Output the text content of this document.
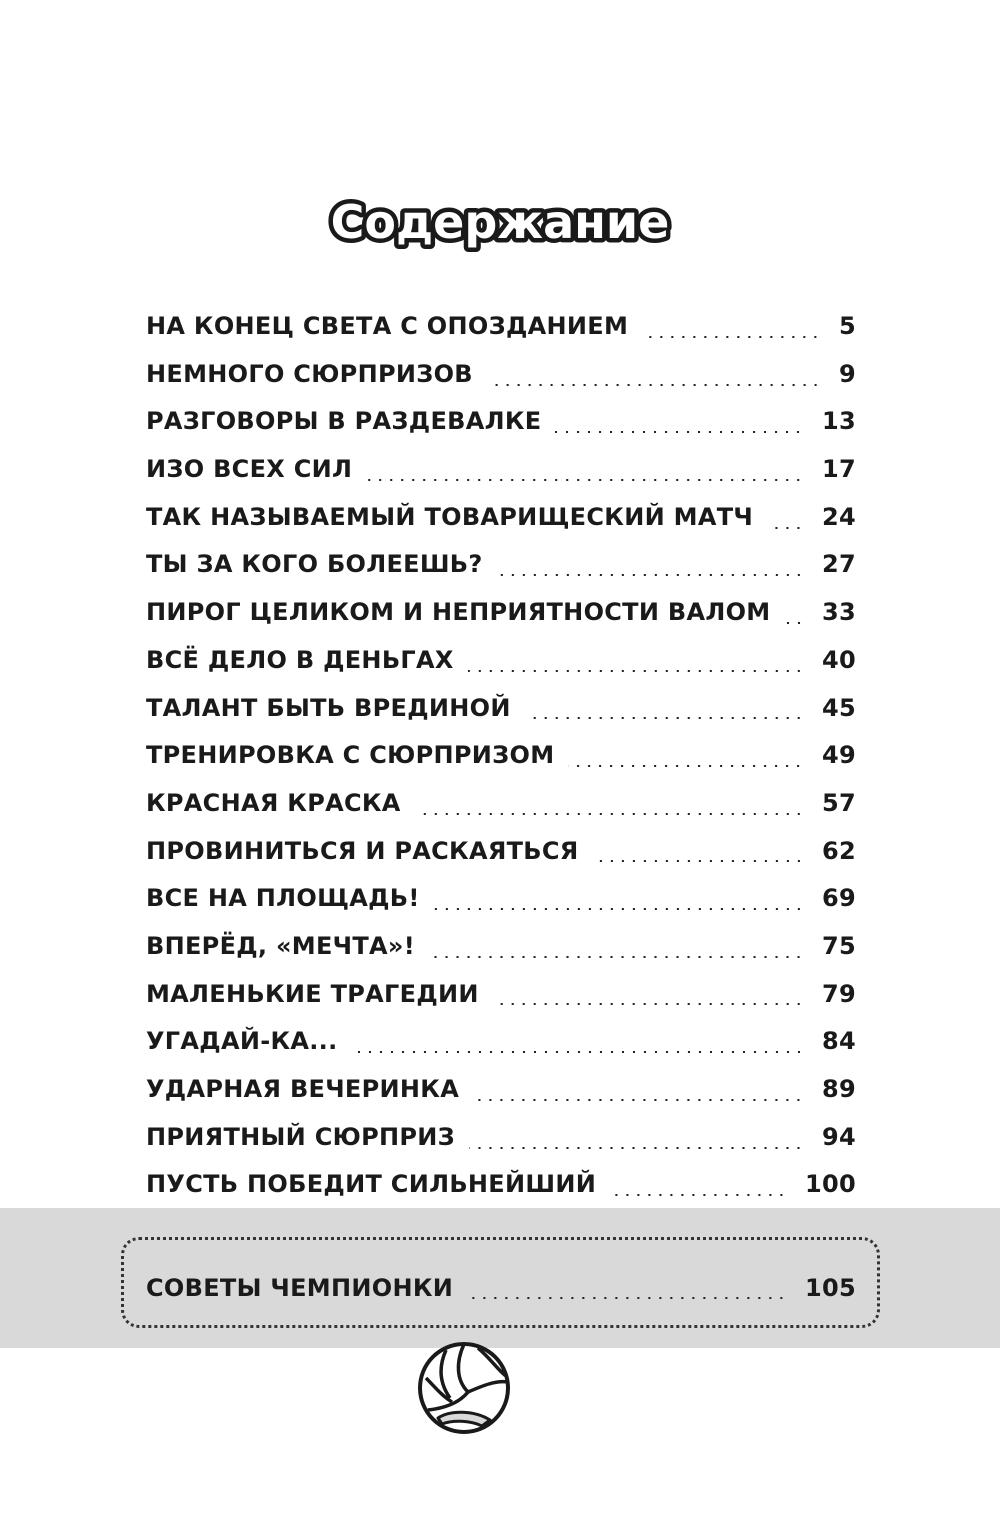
Содержание
НА КОНЕЦ СВЕТА С ОПОЗДАНИЕМ	5
НЕМНОГО СЮРПРИЗОВ	9
РАЗГОВОРЫ В РАЗДЕВАЛКЕ	13
ИЗО ВСЕХ СИЛ	17
ТАК НАЗЫВАЕМЫЙ ТОВАРИЩЕСКИЙ МАТЧ	24
ТЫ ЗА КОГО БОЛЕЕШЬ?	27
ПИРОГ ЦЕЛИКОМ И НЕПРИЯТНОСТИ ВАЛОМ 33
ВСЁ ДЕЛО В ДЕНЬГАХ	40
ТАЛАНТ БЫТЬ ВРЕДИНОЙ	45
ТРЕНИРОВКА С СЮРПРИЗОМ	49
КРАСНАЯ КРАСКА	57
ПРОВИНИТЬСЯ И РАСКАЯТЬСЯ	62
ВСЕ НА ПЛОЩАДЬ!	69
ВПЕРЁД, «МЕЧТА»!	75
МАЛЕНЬКИЕ ТРАГЕДИИ	79
УГАДАЙ-КА...	84
УДАРНАЯ ВЕЧЕРИНКА	89
ПРИЯТНЫЙ СЮРПРИЗ	94
ПУСТЬ ПОБЕДИТ СИЛЬНЕЙШИЙ	100
СОВЕТЫ ЧЕМПИОНКИ	105
